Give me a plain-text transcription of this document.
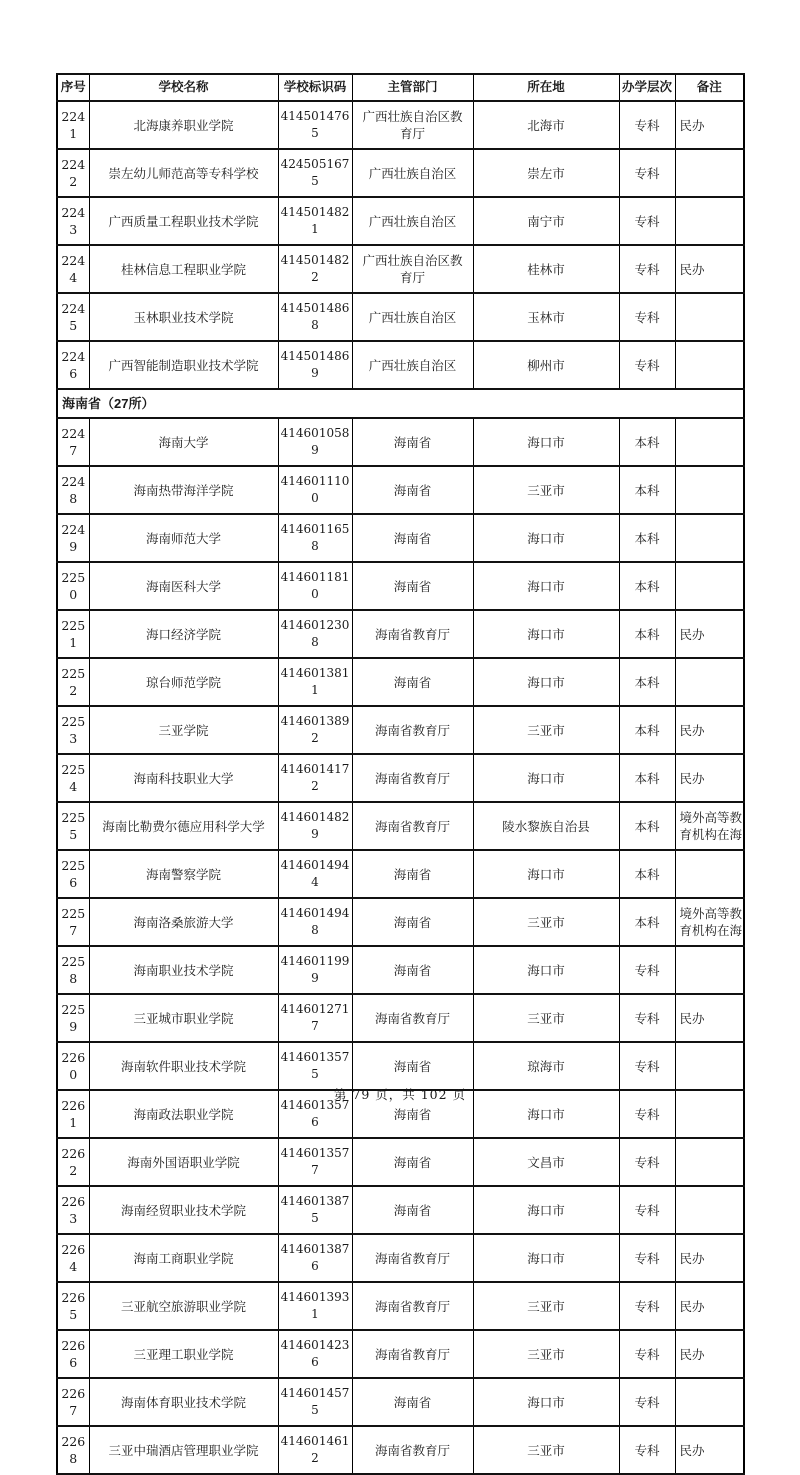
序号	学校名称	学校标识码	主管部门	所在地	办学层次	备注
2241	北海康养职业学院	4145014765	广西壮族自治区教育厅	北海市	专科	民办
2242	崇左幼儿师范高等专科学校	4245051675	广西壮族自治区	崇左市	专科	
2243	广西质量工程职业技术学院	4145014821	广西壮族自治区	南宁市	专科	
2244	桂林信息工程职业学院	4145014822	广西壮族自治区教育厅	桂林市	专科	民办
2245	玉林职业技术学院	4145014868	广西壮族自治区	玉林市	专科	
2246	广西智能制造职业技术学院	4145014869	广西壮族自治区	柳州市	专科	
海南省（27所）						
2247	海南大学	4146010589	海南省	海口市	本科	
2248	海南热带海洋学院	4146011100	海南省	三亚市	本科	
2249	海南师范大学	4146011658	海南省	海口市	本科	
2250	海南医科大学	4146011810	海南省	海口市	本科	
2251	海口经济学院	4146012308	海南省教育厅	海口市	本科	民办
2252	琼台师范学院	4146013811	海南省	海口市	本科	
2253	三亚学院	4146013892	海南省教育厅	三亚市	本科	民办
2254	海南科技职业大学	4146014172	海南省教育厅	海口市	本科	民办
2255	海南比勒费尔德应用科学大学	4146014829	海南省教育厅	陵水黎族自治县	本科	境外高等教育机构在海
2256	海南警察学院	4146014944	海南省	海口市	本科	
2257	海南洛桑旅游大学	4146014948	海南省	三亚市	本科	境外高等教育机构在海
2258	海南职业技术学院	4146011999	海南省	海口市	专科	
2259	三亚城市职业学院	4146012717	海南省教育厅	三亚市	专科	民办
2260	海南软件职业技术学院	4146013575	海南省	琼海市	专科	
2261	海南政法职业学院	4146013576	海南省	海口市	专科	
2262	海南外国语职业学院	4146013577	海南省	文昌市	专科	
2263	海南经贸职业技术学院	4146013875	海南省	海口市	专科	
2264	海南工商职业学院	4146013876	海南省教育厅	海口市	专科	民办
2265	三亚航空旅游职业学院	4146013931	海南省教育厅	三亚市	专科	民办
2266	三亚理工职业学院	4146014236	海南省教育厅	三亚市	专科	民办
2267	海南体育职业技术学院	4146014575	海南省	海口市	专科	
2268	三亚中瑞酒店管理职业学院	4146014612	海南省教育厅	三亚市	专科	民办
第 79 页，共 102 页
